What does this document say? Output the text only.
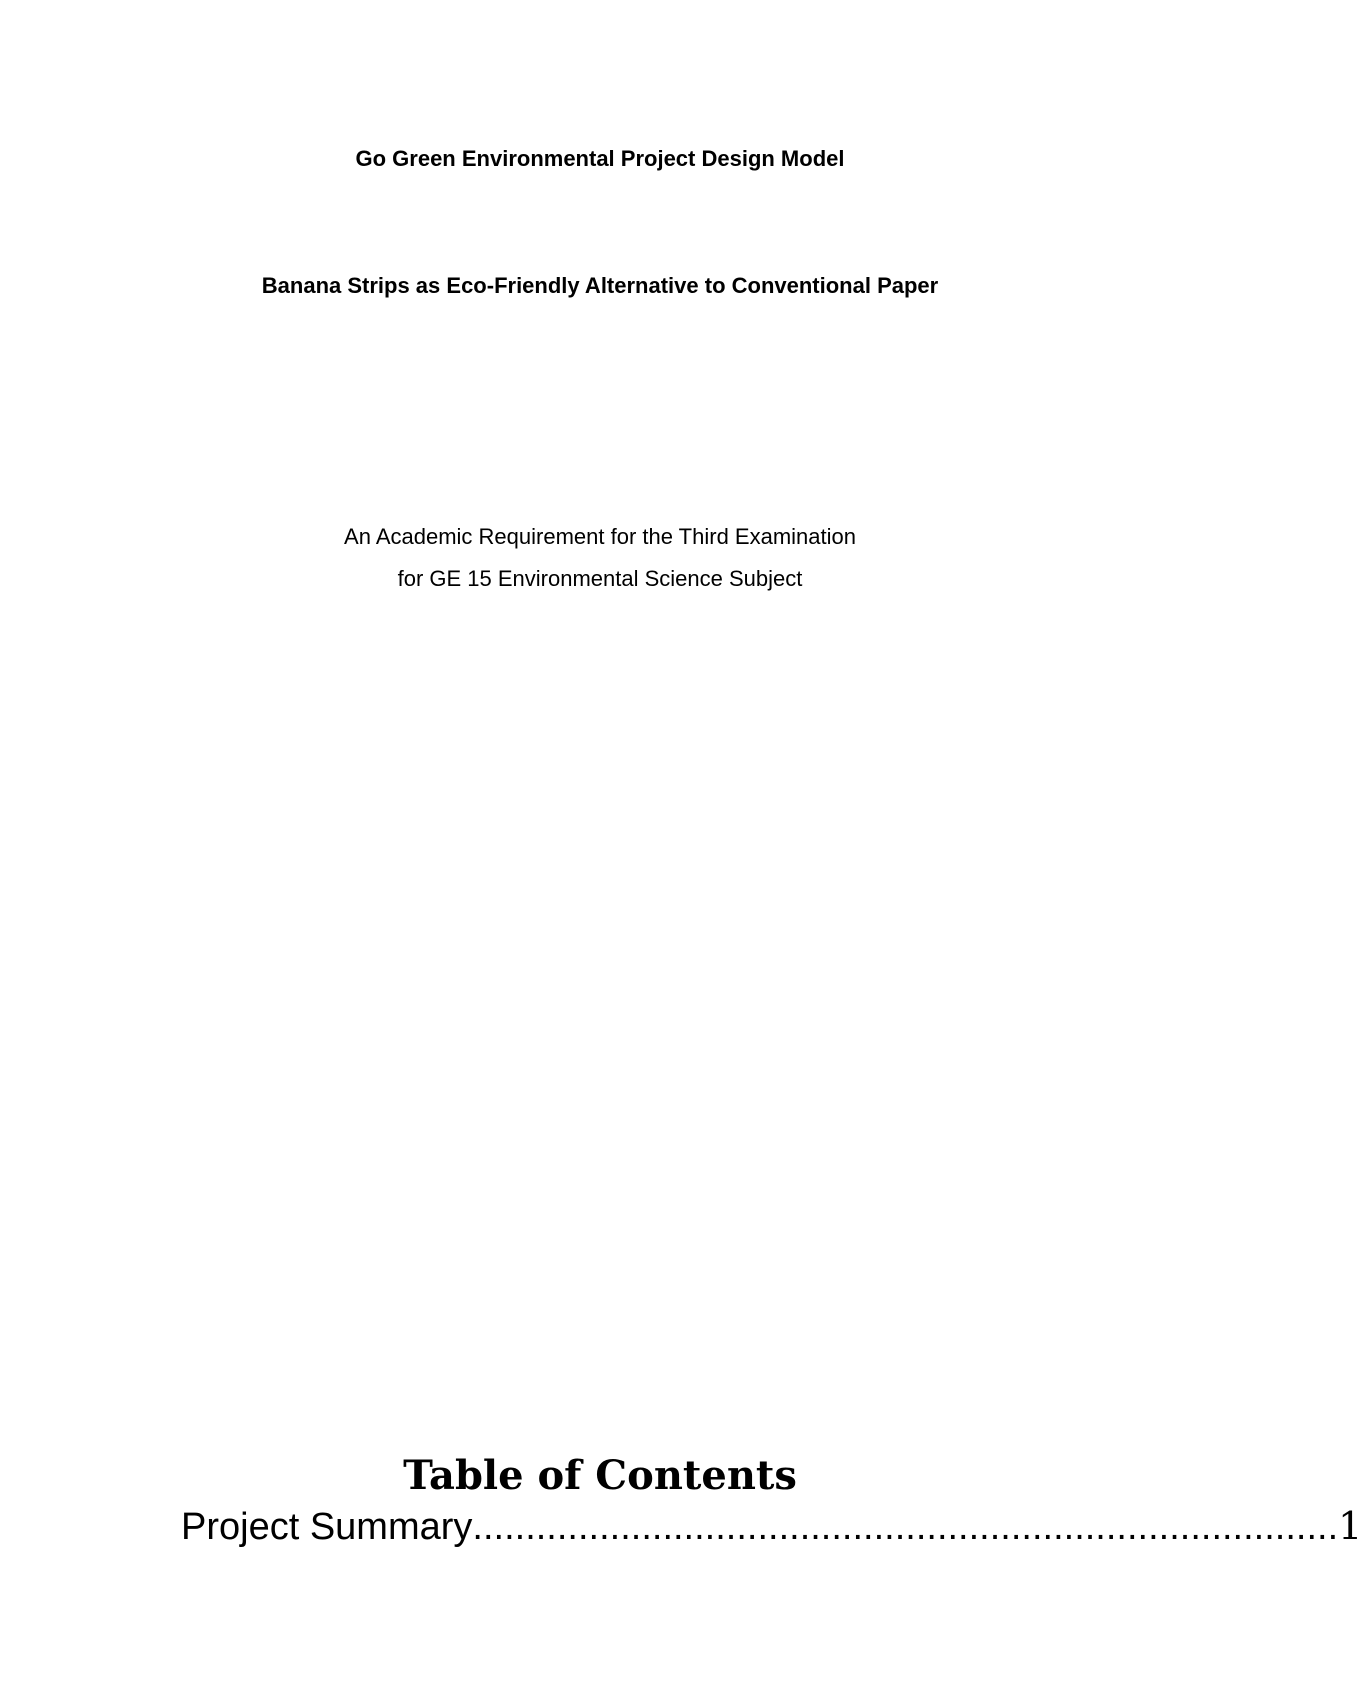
Go Green Environmental Project Design Model
Banana Strips as Eco-Friendly Alternative to Conventional Paper
An Academic Requirement for the Third Examination
for GE 15 Environmental Science Subject
Table of Contents
Project Summary .................................................................................. 1
